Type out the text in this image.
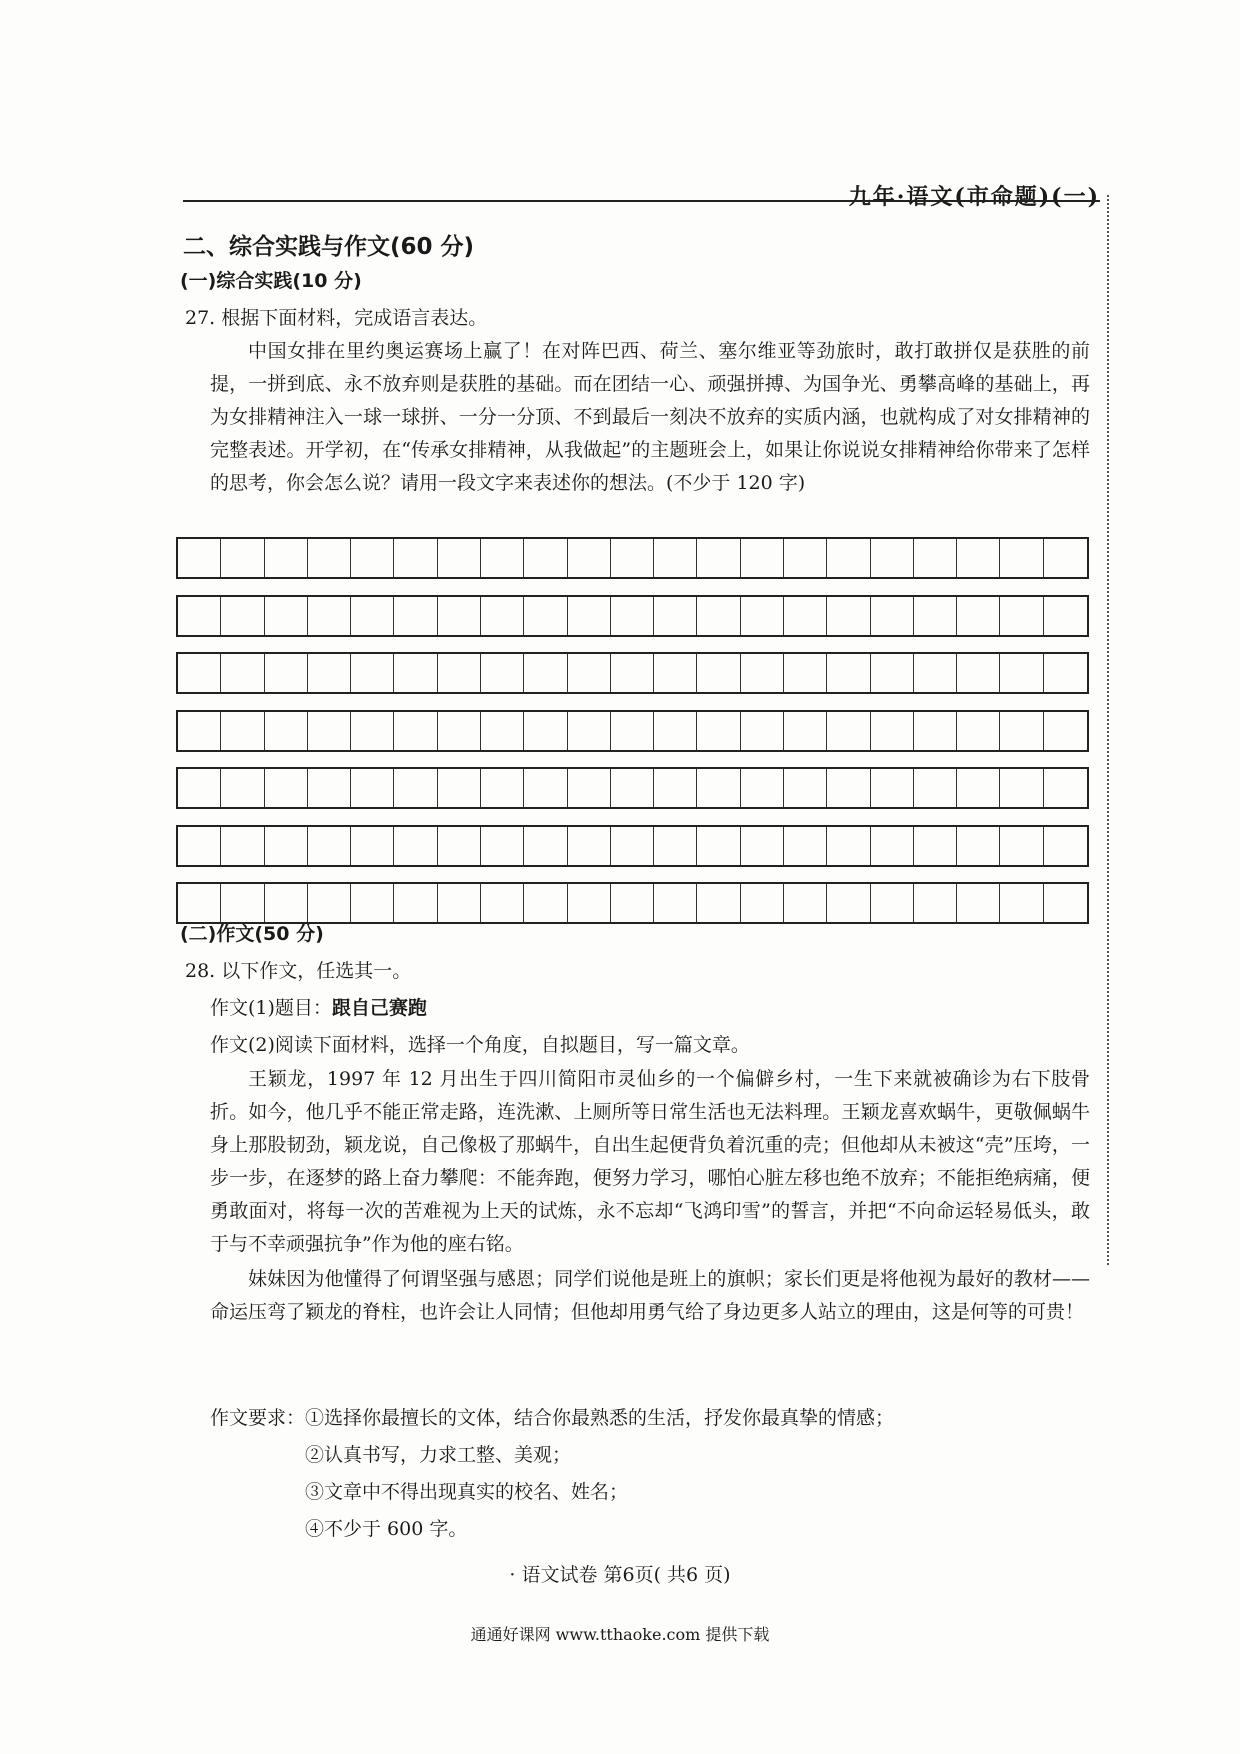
九年·语文(市命题)(一)
二、综合实践与作文(60 分)
(一)综合实践(10 分)
27. 根据下面材料，完成语言表达。

中国女排在里约奥运赛场上赢了！在对阵巴西、荷兰、塞尔维亚等劲旅时，敢打敢拼仅是获胜的前提，一拼到底、永不放弃则是获胜的基础。而在团结一心、顽强拼搏、为国争光、勇攀高峰的基础上，再为女排精神注入一球一球拼、一分一分顶、不到最后一刻决不放弃的实质内涵，也就构成了对女排精神的完整表述。开学初，在“传承女排精神，从我做起”的主题班会上，如果让你说说女排精神给你带来了怎样的思考，你会怎么说？请用一段文字来表述你的想法。(不少于 120 字)

(二)作文(50 分)
28. 以下作文，任选其一。
作文(1)题目：跟自己赛跑
作文(2)阅读下面材料，选择一个角度，自拟题目，写一篇文章。

王颖龙，1997 年 12 月出生于四川简阳市灵仙乡的一个偏僻乡村，一生下来就被确诊为右下肢骨折。如今，他几乎不能正常走路，连洗漱、上厕所等日常生活也无法料理。王颖龙喜欢蜗牛，更敬佩蜗牛身上那股韧劲，颖龙说，自己像极了那蜗牛，自出生起便背负着沉重的壳；但他却从未被这“壳”压垮，一步一步，在逐梦的路上奋力攀爬：不能奔跑，便努力学习，哪怕心脏左移也绝不放弃；不能拒绝病痛，便勇敢面对，将每一次的苦难视为上天的试炼，永不忘却“飞鸿印雪”的誓言，并把“不向命运轻易低头，敢于与不幸顽强抗争”作为他的座右铭。

妹妹因为他懂得了何谓坚强与感恩；同学们说他是班上的旗帜；家长们更是将他视为最好的教材——命运压弯了颖龙的脊柱，也许会让人同情；但他却用勇气给了身边更多人站立的理由，这是何等的可贵！

作文要求：①选择你最擅长的文体，结合你最熟悉的生活，抒发你最真挚的情感；
②认真书写，力求工整、美观；
③文章中不得出现真实的校名、姓名；
④不少于 600 字。
· 语文试卷 第6页( 共6 页)
通通好课网 www.tthaoke.com 提供下载
